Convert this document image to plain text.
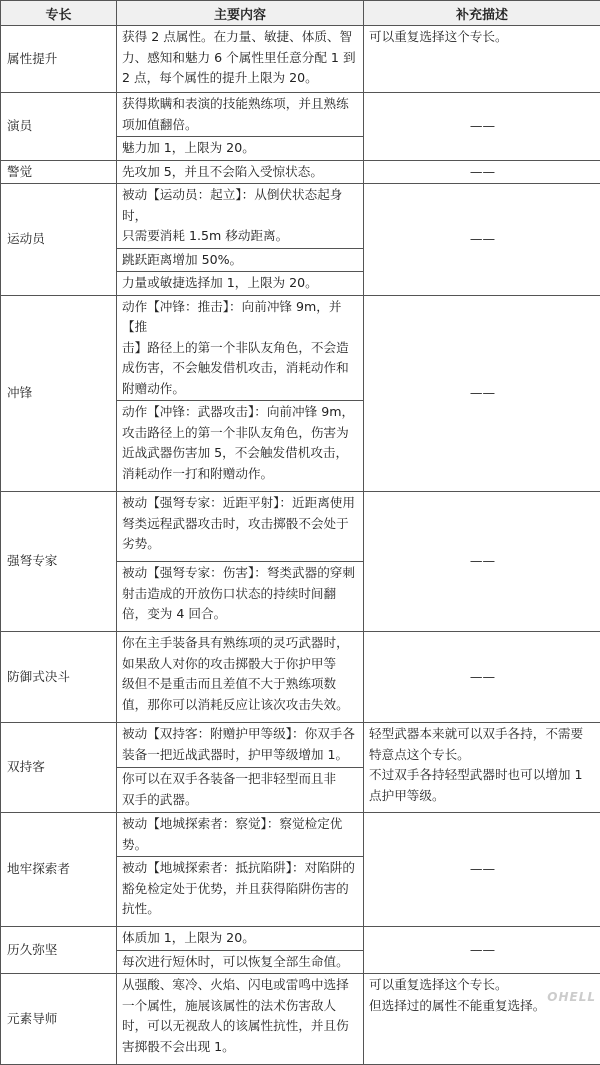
专长	主要内容	补充描述
属性提升	获得 2 点属性。在力量、敏捷、体质、智
力、感知和魅力 6 个属性里任意分配 1 到
2 点，每个属性的提升上限为 20。	可以重复选择这个专长。

演员	获得欺瞒和表演的技能熟练项，并且熟练
项加值翻倍。	——

	魅力加 1，上限为 20。	

警觉	先攻加 5，并且不会陷入受惊状态。	——
运动员	被动【运动员：起立】：从倒伏状态起身时，
只需要消耗 1.5m 移动距离。	——

	跳跃距离增加 50%。	

	力量或敏捷选择加 1，上限为 20。	

冲锋	动作【冲锋：推击】：向前冲锋 9m，并【推
击】路径上的第一个非队友角色，不会造
成伤害，不会触发借机攻击，消耗动作和
附赠动作。	——

	动作【冲锋：武器攻击】：向前冲锋 9m，
攻击路径上的第一个非队友角色，伤害为
近战武器伤害加 5，不会触发借机攻击，
消耗动作一打和附赠动作。	

强弩专家	被动【强弩专家：近距平射】：近距离使用
弩类远程武器攻击时，攻击掷骰不会处于
劣势。	——

	被动【强弩专家：伤害】：弩类武器的穿刺
射击造成的开放伤口状态的持续时间翻
倍，变为 4 回合。	

防御式决斗	你在主手装备具有熟练项的灵巧武器时，
如果敌人对你的攻击掷骰大于你护甲等
级但不是重击而且差值不大于熟练项数
值，那你可以消耗反应让该次攻击失效。	——
双持客	被动【双持客：附赠护甲等级】：你双手各
装备一把近战武器时，护甲等级增加 1。	轻型武器本来就可以双手各持，不需要
特意点这个专长。
不过双手各持轻型武器时也可以增加 1
点护甲等级。

	你可以在双手各装备一把非轻型而且非
双手的武器。	

地牢探索者	被动【地城探索者：察觉】：察觉检定优势。	——

	被动【地城探索者：抵抗陷阱】：对陷阱的
豁免检定处于优势，并且获得陷阱伤害的
抗性。	

历久弥坚	体质加 1，上限为 20。	——

	每次进行短休时，可以恢复全部生命值。	

元素导师	从强酸、寒冷、火焰、闪电或雷鸣中选择
一个属性，施展该属性的法术伤害敌人
时，可以无视敌人的该属性抗性，并且伤
害掷骰不会出现 1。	可以重复选择这个专长。
但选择过的属性不能重复选择。
OHELL
